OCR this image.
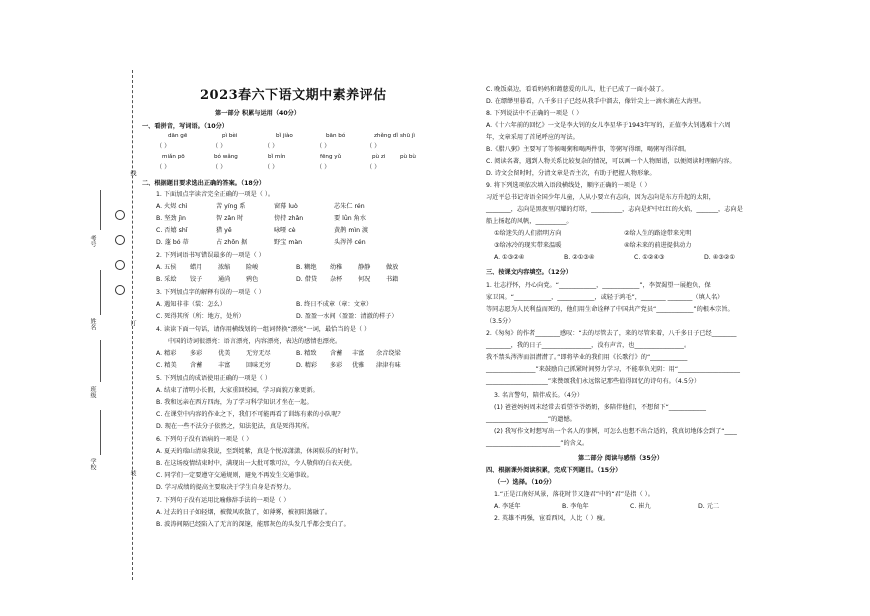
线
订
装
考号
姓名
班级
学校
2023春六下语文期中素养评估
第一部分 积累与运用（40分）
一、看拼音，写词语。（10分）
dān gē	pì bèi	bǐ jiào	bān bó	zhěng dǐ shū jì
（ ）	（ ）	（ ）	（ ）	（ ）
miǎn pō	bó wǎng	bǐ mín	fēng yǔ	pù zi	pù bù
（ ）	（ ）	（ ）	（ ）	（ ）
二、根据题目要求选出正确的答案。（18分）
1. 下面加点字读音完全正确的一项是（ ）。
A. 火烬 chì	苦 yíng 系	窗幕 luò	芯朱仁 rén
B. 坚劲 jìn	智 zǎn 时	傍持 zhǎn	要 lǜn 角水
C. 否嬉 shǐ	猎 yē	咏哑 cè	黄鹊 mìn 渡
D. 蓬 bó 蒂	占 zhōn 据	野宝 màn	头涔涔 cén
2. 下列词语书写错误最多的一项是（ ）
A. 五侯 蜡月	浓缩	险峻	B. 糊绝 幼稚	静静	做放
B. 采絵 饺子	通尚	鸦色	D. 借贷 杂杯	何况	书籍
3. 下列加点字的解释有误的一项是（ ）
A. 遇知非非（装：怎么）	B. 终日不成章（章：文章）
C. 死得其所（所：地方，处所）	D. 盈盈一水间（盈盈：清澈的样子）
4. 读读下面一句话，请你用横线划的一组词替换“漂亮”一词，最恰当的是（ ）
中国的诗词很漂亮：语言漂亮，内容漂亮，表达的感情也漂亮。
A. 精彩 多彩	优美	无穷无尽	B. 精致 含蓄 丰富 余音绕梁
C. 精美 含蓄	丰富	回味无穷	D. 精彩 多彩 优雅 津津有味
5. 下列加点的成语使用正确的一项是（ ）
A. 结束了清明小长假，大家重回校园，学习面貌万象更新。
B. 我和远亲在西方四海，为了学习科学知识才坐在一起。
C. 在课堂中内容的作业之下，我们不可能再看了训练有素的小队呢？
D. 现在一些不法分子依然之，知法犯法，真是死得其所。
6. 下列句子没有语病的一项是（ ）
A. 夏天的瑞山清泉我说，至到姹紫，真是个悦凉潇潇，休闲娱乐的好时节。
B. 在这场疫情结束时中，满现出一大批可歌可泣，令人敬仰的白衣天使。
C. 同学们一定要遵守交通规则，避免不再发生交通事故。
D. 学习成绩的提高主要取决于学生自身是否努力。
7. 下列句子没有运用比喻修辞手法的一项是（ ）
A. 过去的日子如轻烟，被微风吹散了，如薄雾，被初阳蒸融了。
B. 波涛间隔已经陷入了无言的深邃，能那灰色的头发几乎都会变白了。
C. 晚饭桌边，看看妈妈和蔼慈爱的儿儿，肚子已成了一面小鼓了。
D. 在缥缈里暮看，八千多日子已经从我手中溜去，像针尖上一滴水滴在大海里。
8. 下列说法中不正确的一项是（ ）
A.《十六年前的回忆》一文是李大钊的女儿李星华于1943年写的，正值李大钊遇难十六周
年，文章采用了首尾呼应的写法。
B.《腊八粥》主要写了等候喝粥和喝两件事，等粥写得细，喝粥写得详细。
C. 阅读名著，遇到人物关系比较复杂的情况，可以画一个人物图谱，以便阅读时理解内容。
D. 诗文会留时时，分清文章是否主次，有助于把握人物形象。
9. 将下列选项依次填入语段横线处，顺序正确的一项是（ ）
习近平总书记寄语全国少年儿童，人从小要立有志向，因为志向是东方升起的太阳，
________，志向是黑夜里闪耀的灯塔，__________，志向是炉中红红的火焰，_______，志向是
船上扬起的风帆，__________。
①给迷失的人们指明方向	②给人生的路途带来光明
③给冰冷的现实带来温暖	④给未来的前进提供动力
A. ①③②④	B. ②①③④	C. ①②④③	D. ④③②①
三、按课文内容填空。（12分）
1. 壮志抒怀，丹心向党。“____________，____________”，李贺渴望一展抱负，保
家卫国。“____________，____________，或轻于鸿毛”，________ ________（填人名）
等同志愿为人民利益而死的，他们用生命诠释了中国共产党员“____________”的根本宗旨。
（3.5分）
2.《匆匆》的作者________感叹：“去的尽管去了，来的尽管来着，八千多日子已经________
________，我的日子________________，没有声音，也________________。
我不禁头涔涔而泪潸潸了。”即将毕业的我们用《长歌行》的“____________
________________”来鼓励自己抓紧时间努力学习，不能辜负光阴：用“____________________
____________________”来赞颂我们永远铭记那些值得回忆的诗句有。（4.5分）
3. 名言警句，陪伴成长。（4分）
(1) 爸爸妈妈周末经常去看望爷爷奶奶，多陪伴他们，不想留下“____________
____________________”的遗憾。
(2) 我写作文时想写出一个名人的事例，可怎么也想不出合适的，我真切地体会到了“____
________________________”的含义。
第二部分 阅读与感悟（35分）
四、根据课外阅读积累，完成下列题目。（15分）
（一）选择。（10分）
1.“正是江南好风景，落花时节又逢君”中的“君”是指（ ）。
A. 李延年	B. 李龟年	C. 崔九	D. 元二
2. 英雄不再强，宦看西风，人比（ ）瘦。
